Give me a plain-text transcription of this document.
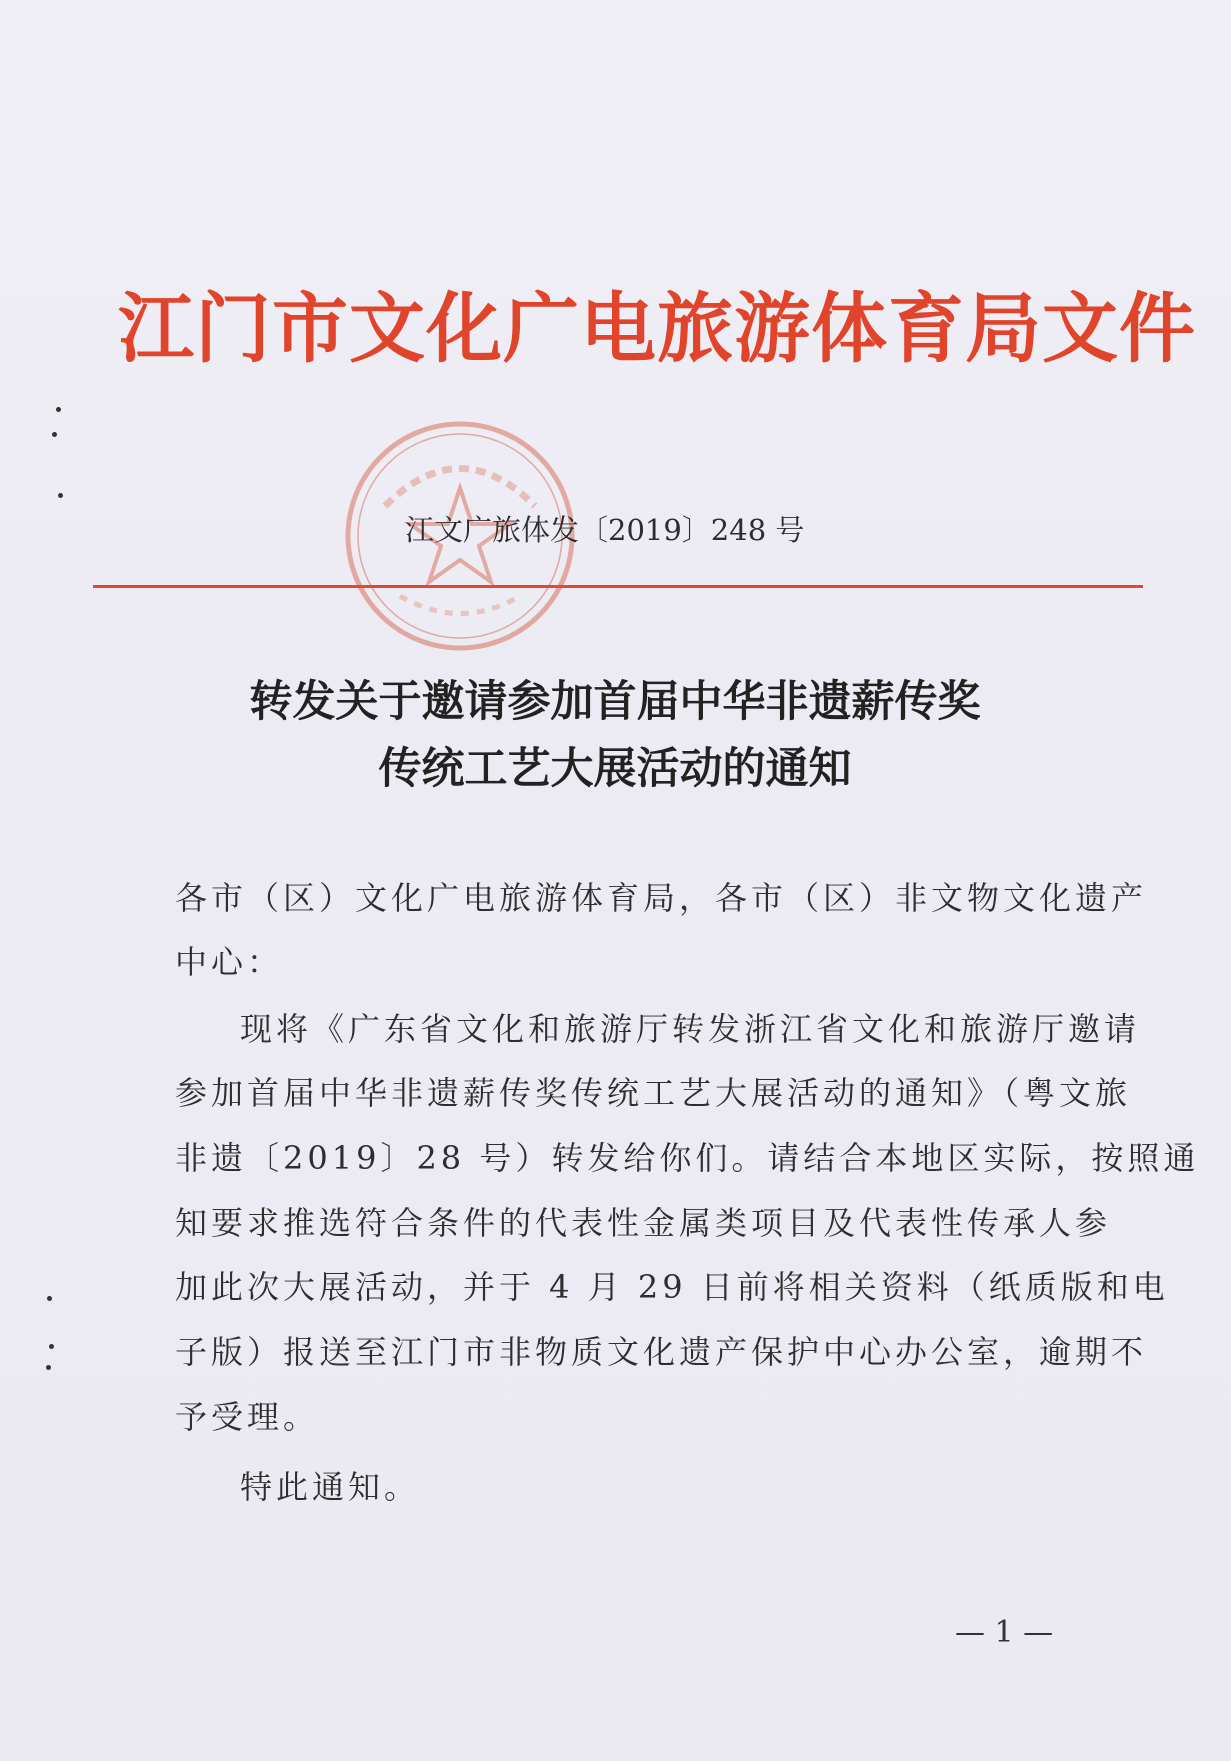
江门市文化广电旅游体育局文件
江文广旅体发〔2019〕248 号
转发关于邀请参加首届中华非遗薪传奖
传统工艺大展活动的通知
各市（区）文化广电旅游体育局，各市（区）非文物文化遗产
中心：
现将《广东省文化和旅游厅转发浙江省文化和旅游厅邀请
参加首届中华非遗薪传奖传统工艺大展活动的通知》（粤文旅
非遗〔2019〕28 号）转发给你们。请结合本地区实际，按照通
知要求推选符合条件的代表性金属类项目及代表性传承人参
加此次大展活动，并于 4 月 29 日前将相关资料（纸质版和电
子版）报送至江门市非物质文化遗产保护中心办公室，逾期不
予受理。
特此通知。
— 1 —
